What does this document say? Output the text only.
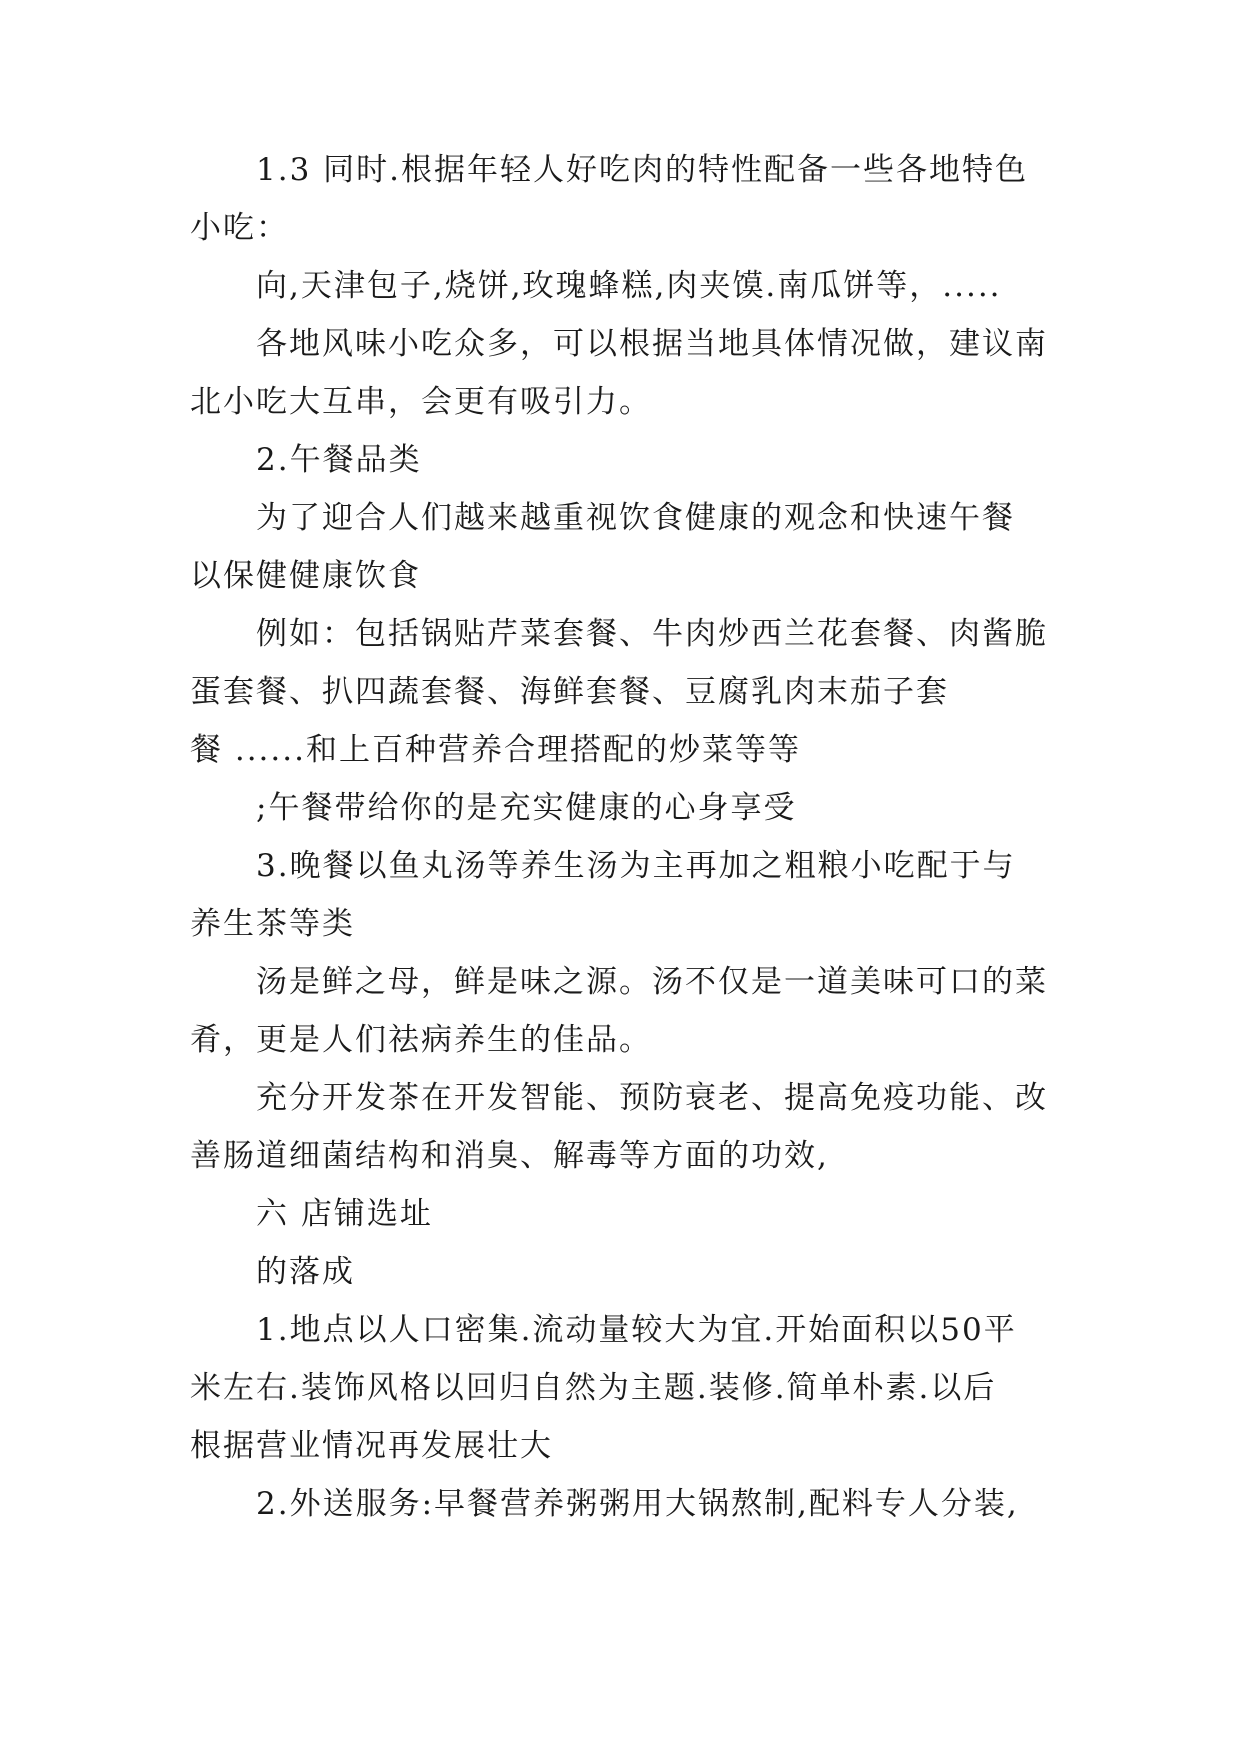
1.3 同时.根据年轻人好吃肉的特性配备一些各地特色
小吃：
向,天津包子,烧饼,玫瑰蜂糕,肉夹馍.南瓜饼等，.....
各地风味小吃众多，可以根据当地具体情况做，建议南
北小吃大互串，会更有吸引力。
2.午餐品类
为了迎合人们越来越重视饮食健康的观念和快速午餐
以保健健康饮食
例如：包括锅贴芹菜套餐、牛肉炒西兰花套餐、肉酱脆
蛋套餐、扒四蔬套餐、海鲜套餐、豆腐乳肉末茄子套
餐 ......和上百种营养合理搭配的炒菜等等
;午餐带给你的是充实健康的心身享受
3.晚餐以鱼丸汤等养生汤为主再加之粗粮小吃配于与
养生茶等类
汤是鲜之母，鲜是味之源。汤不仅是一道美味可口的菜
肴，更是人们祛病养生的佳品。
充分开发茶在开发智能、预防衰老、提高免疫功能、改
善肠道细菌结构和消臭、解毒等方面的功效,
六 店铺选址
的落成
1.地点以人口密集.流动量较大为宜.开始面积以50平
米左右.装饰风格以回归自然为主题.装修.简单朴素.以后
根据营业情况再发展壮大
2.外送服务:早餐营养粥粥用大锅熬制,配料专人分装,
